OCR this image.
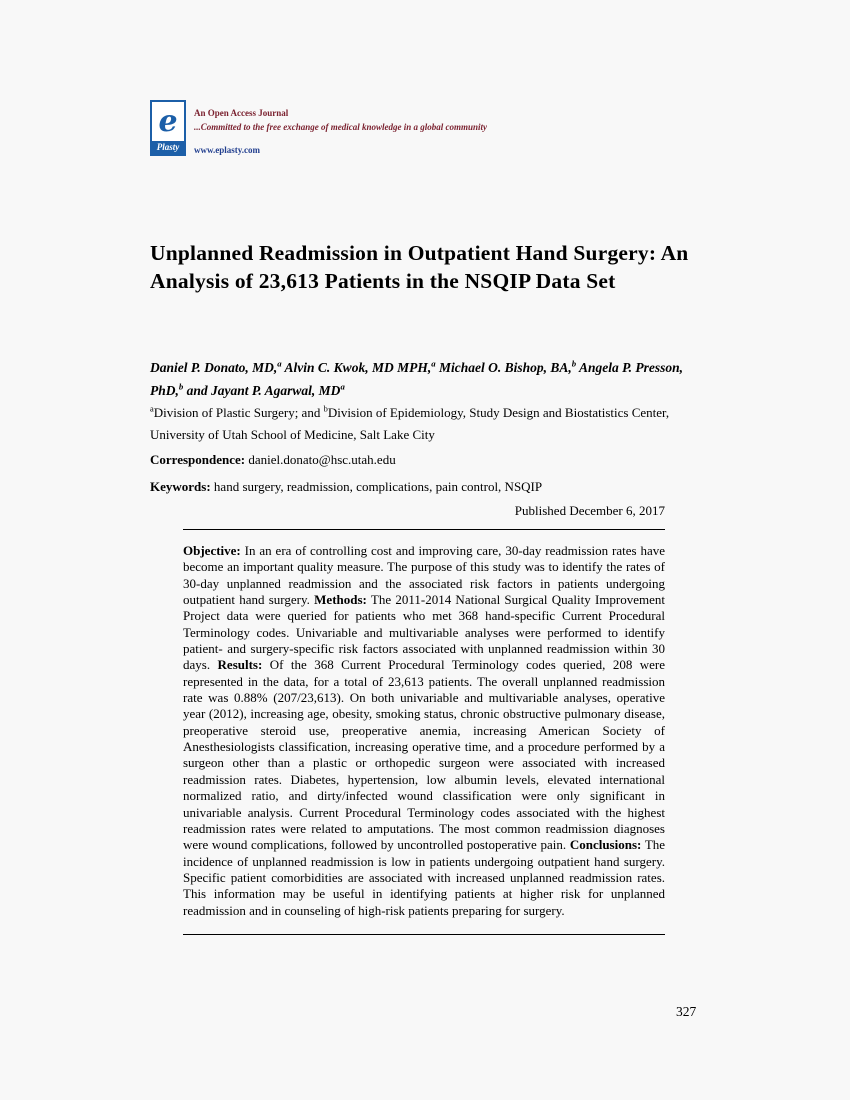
e
Plasty
An Open Access Journal
...Committed to the free exchange of medical knowledge in a global community
www.eplasty.com
Unplanned Readmission in Outpatient Hand Surgery: An Analysis of 23,613 Patients in the NSQIP Data Set
Daniel P. Donato, MD,$^a$ Alvin C. Kwok, MD MPH,$^a$ Michael O. Bishop, BA,$^b$ Angela P. Presson, PhD,$^b$ and Jayant P. Agarwal, $MD^a$
$^a$Division of Plastic Surgery; and $^b$Division of Epidemiology, Study Design and Biostatistics Center, University of Utah School of Medicine, Salt Lake City
Correspondence: daniel.donato@hsc.utah.edu
Keywords: hand surgery, readmission, complications, pain control, NSQIP
Published December 6, 2017

Objective: In an era of controlling cost and improving care, 30-day readmission rates have become an important quality measure. The purpose of this study was to identify the rates of 30-day unplanned readmission and the associated risk factors in patients undergoing outpatient hand surgery. Methods: The 2011-2014 National Surgical Quality Improvement Project data were queried for patients who met 368 hand-specific Current Procedural Terminology codes. Univariable and multivariable analyses were performed to identify patient- and surgery-specific risk factors associated with unplanned readmission within 30 days. Results: Of the 368 Current Procedural Terminology codes queried, 208 were represented in the data, for a total of 23,613 patients. The overall unplanned readmission rate was 0.88% (207/23,613). On both univariable and multivariable analyses, operative year (2012), increasing age, obesity, smoking status, chronic obstructive pulmonary disease, preoperative steroid use, preoperative anemia, increasing American Society of Anesthesiologists classification, increasing operative time, and a procedure performed by a surgeon other than a plastic or orthopedic surgeon were associated with increased readmission rates. Diabetes, hypertension, low albumin levels, elevated international normalized ratio, and dirty/infected wound classification were only significant in univariable analysis. Current Procedural Terminology codes associated with the highest readmission rates were related to amputations. The most common readmission diagnoses were wound complications, followed by uncontrolled postoperative pain. Conclusions: The incidence of unplanned readmission is low in patients undergoing outpatient hand surgery. Specific patient comorbidities are associated with increased unplanned readmission rates. This information may be useful in identifying patients at higher risk for unplanned readmission and in counseling of high-risk patients preparing for surgery.

327
